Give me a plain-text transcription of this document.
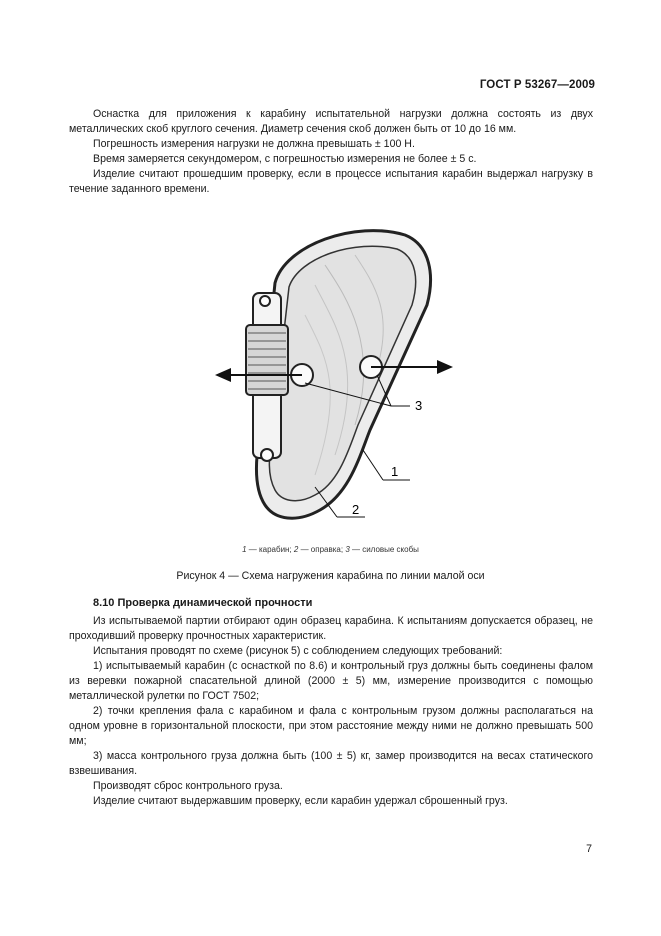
ГОСТ Р 53267—2009

Оснастка для приложения к карабину испытательной нагрузки должна состоять из двух металлических скоб круглого сечения. Диаметр сечения скоб должен быть от 10 до 16 мм.

Погрешность измерения нагрузки не должна превышать ± 100 Н.

Время замеряется секундомером, с погрешностью измерения не более ± 5 с.

Изделие считают прошедшим проверку, если в процессе испытания карабин выдержал нагрузку в течение заданного времени.

3
1
2
1 — карабин; 2 — оправка; 3 — силовые скобы
Рисунок 4 — Схема нагружения карабина по линии малой оси
8.10 Проверка динамической прочности

Из испытываемой партии отбирают один образец карабина. К испытаниям допускается образец, не проходивший проверку прочностных характеристик.

Испытания проводят по схеме (рисунок 5) с соблюдением следующих требований:

1) испытываемый карабин (с оснасткой по 8.6) и контрольный груз должны быть соединены фалом из веревки пожарной спасательной длиной (2000 ± 5) мм, измерение производится с помощью металлической рулетки по ГОСТ 7502;

2) точки крепления фала с карабином и фала с контрольным грузом должны располагаться на одном уровне в горизонтальной плоскости, при этом расстояние между ними не должно превышать 500 мм;

3) масса контрольного груза должна быть (100 ± 5) кг, замер производится на весах статического взвешивания.

Производят сброс контрольного груза.

Изделие считают выдержавшим проверку, если карабин удержал сброшенный груз.

7
